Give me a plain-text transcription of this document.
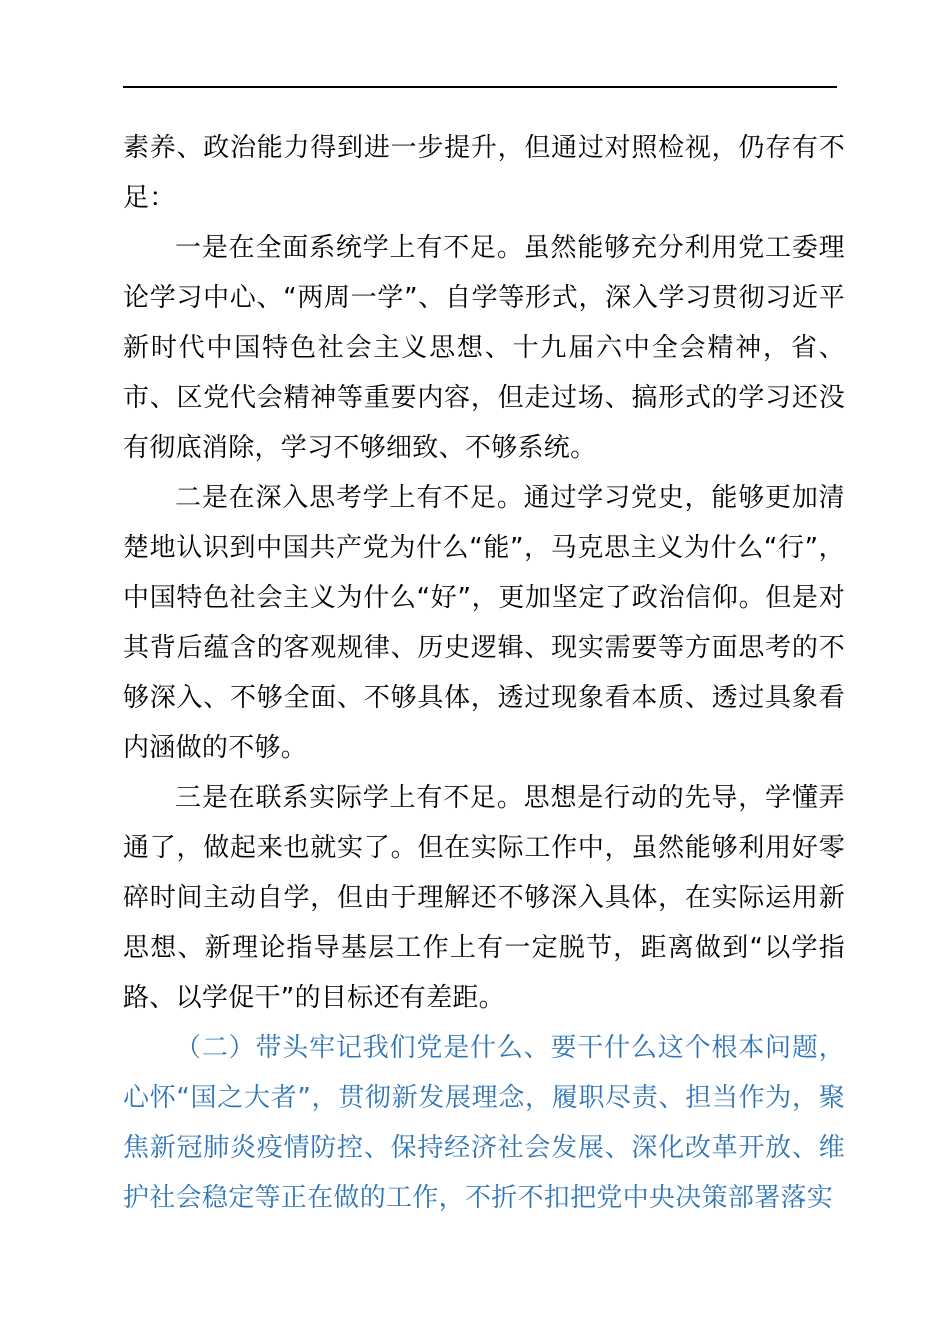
素养、政治能力得到进一步提升，但通过对照检视，仍存有不足：

一是在全面系统学上有不足。虽然能够充分利用党工委理论学习中心、“两周一学”、自学等形式，深入学习贯彻习近平新时代中国特色社会主义思想、十九届六中全会精神，省、市、区党代会精神等重要内容，但走过场、搞形式的学习还没有彻底消除，学习不够细致、不够系统。

二是在深入思考学上有不足。通过学习党史，能够更加清楚地认识到中国共产党为什么“能”，马克思主义为什么“行”，中国特色社会主义为什么“好”，更加坚定了政治信仰。但是对其背后蕴含的客观规律、历史逻辑、现实需要等方面思考的不够深入、不够全面、不够具体，透过现象看本质、透过具象看内涵做的不够。

三是在联系实际学上有不足。思想是行动的先导，学懂弄通了，做起来也就实了。但在实际工作中，虽然能够利用好零碎时间主动自学，但由于理解还不够深入具体，在实际运用新思想、新理论指导基层工作上有一定脱节，距离做到“以学指路、以学促干”的目标还有差距。

（二）带头牢记我们党是什么、要干什么这个根本问题，心怀“国之大者”，贯彻新发展理念，履职尽责、担当作为，聚焦新冠肺炎疫情防控、保持经济社会发展、深化改革开放、维护社会稳定等正在做的工作，不折不扣把党中央决策部署落实
